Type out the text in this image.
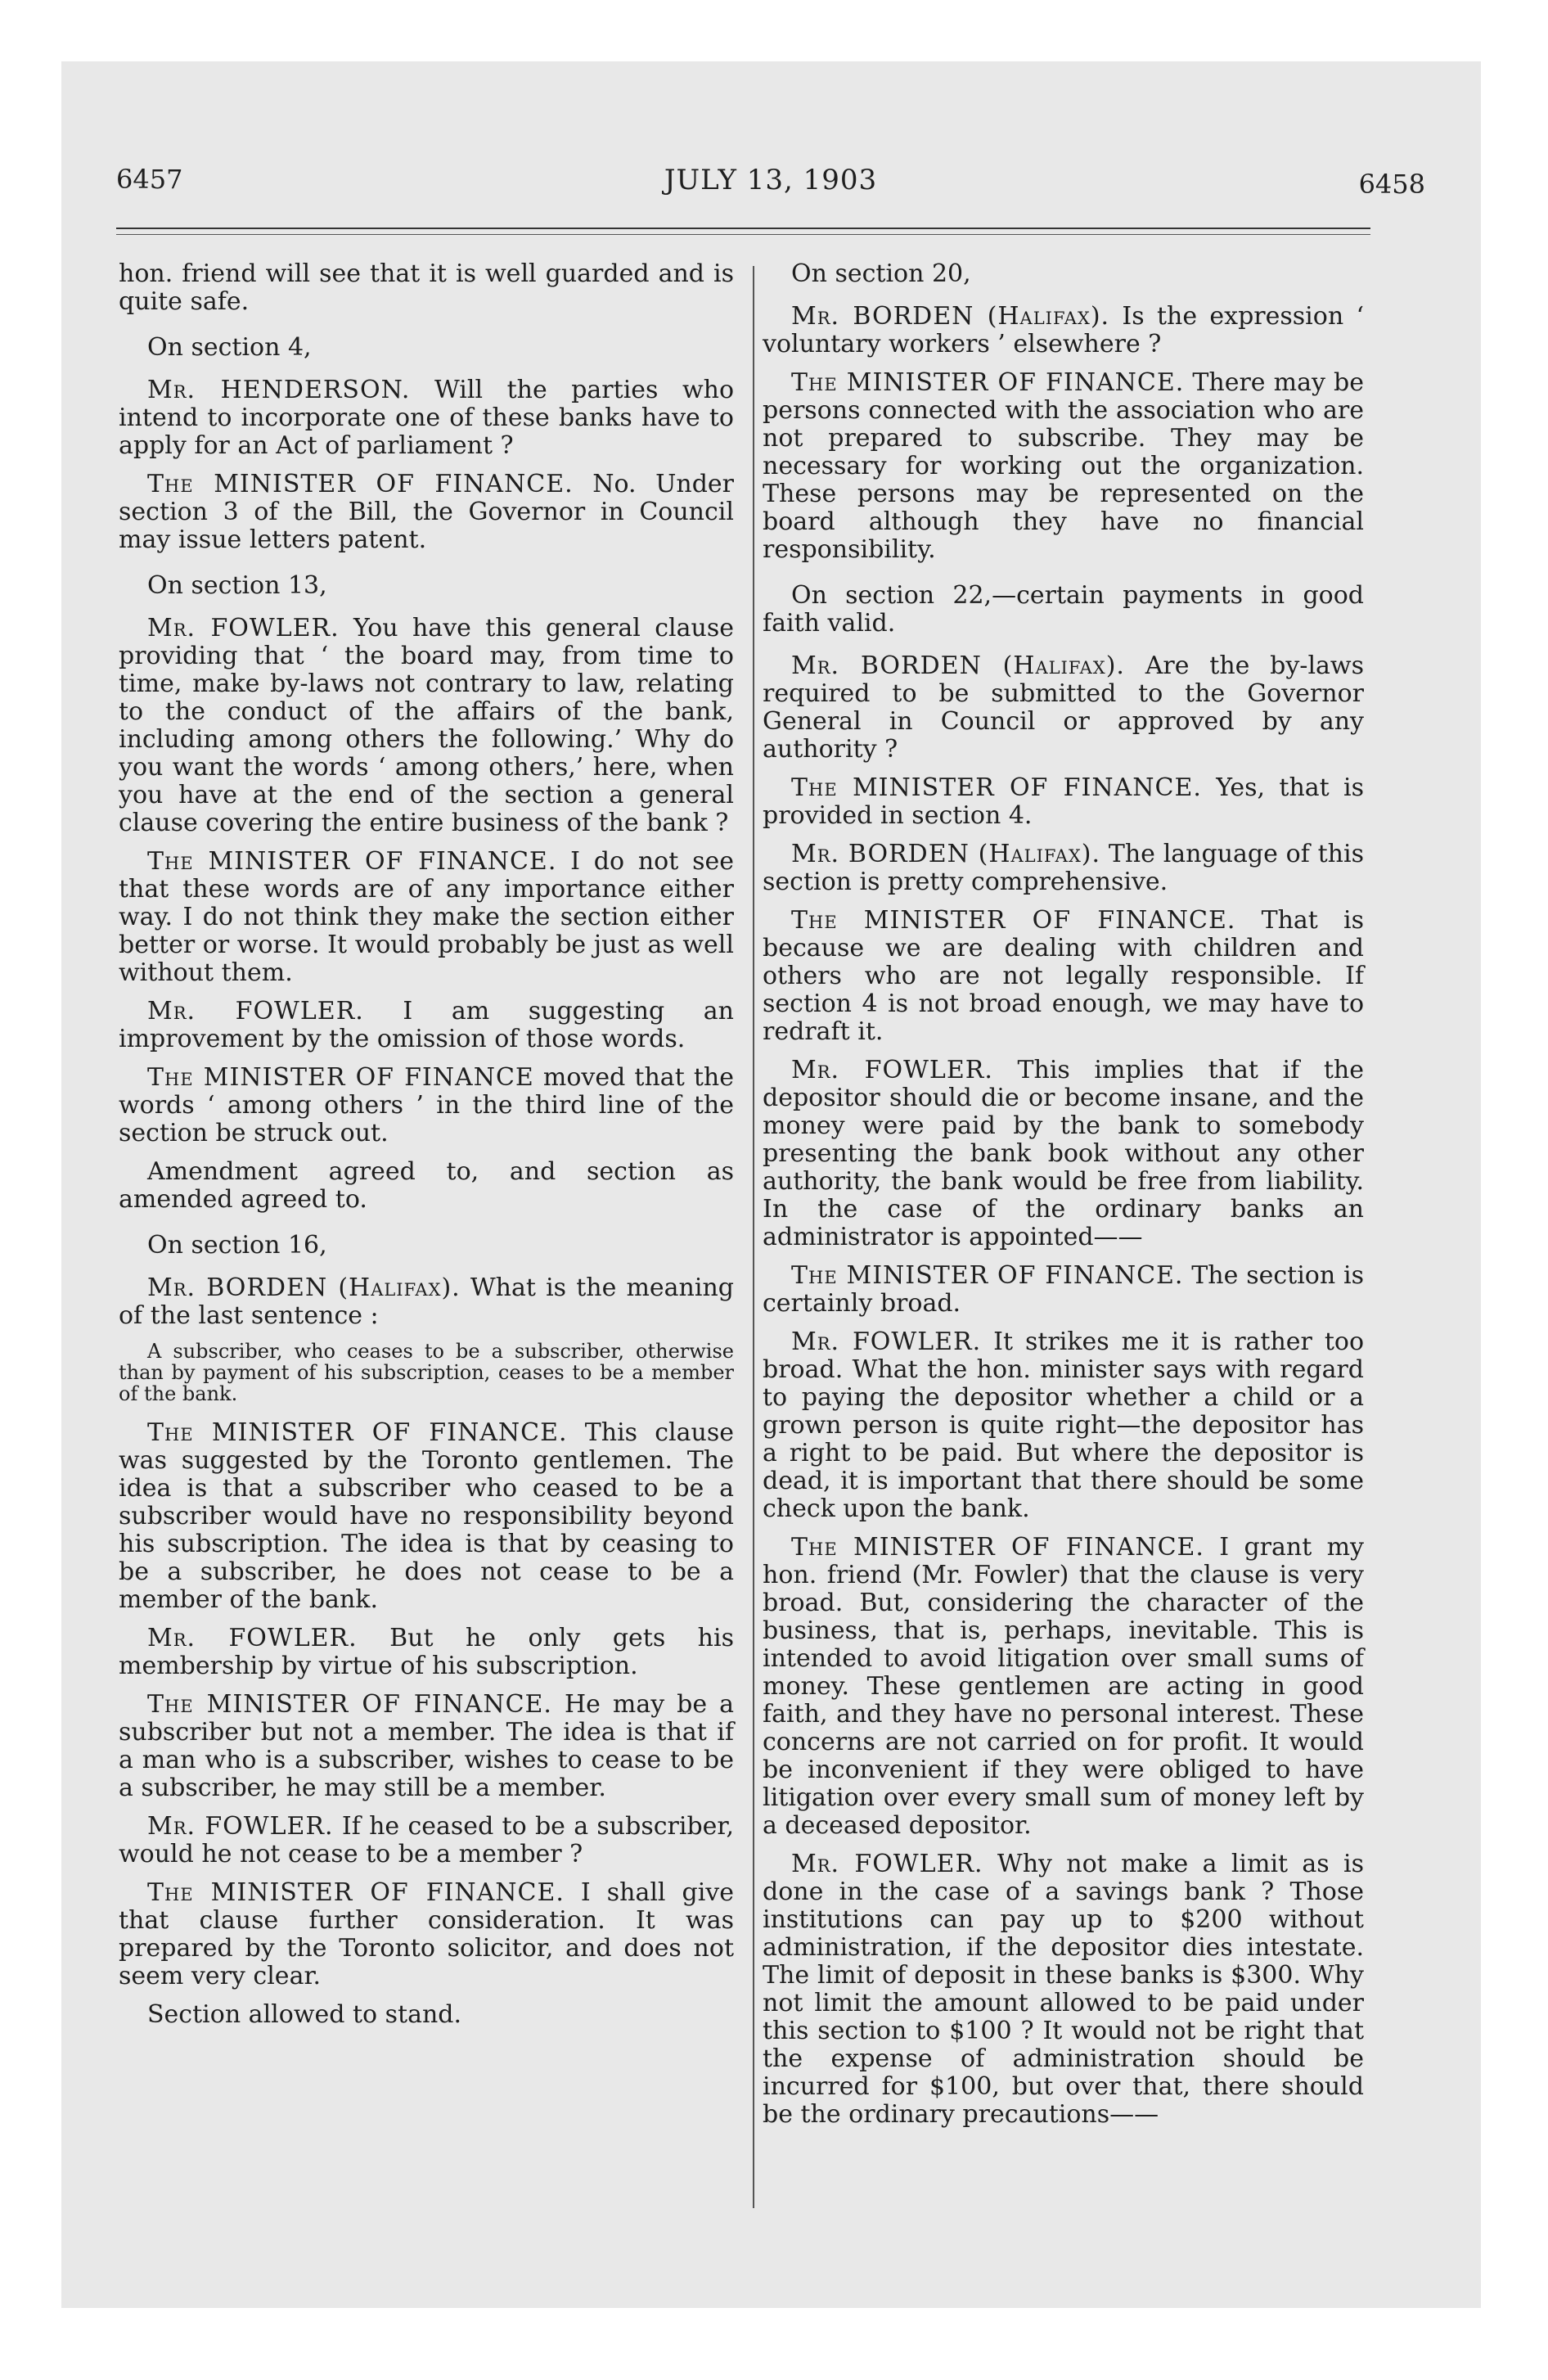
6457	JULY 13, 1903	6458

hon. friend will see that it is well guarded and is quite safe.

On section 4,

Mr. HENDERSON. Will the parties who intend to incorporate one of these banks have to apply for an Act of parliament ?

The MINISTER OF FINANCE. No. Under section 3 of the Bill, the Governor in Council may issue letters patent.

On section 13,

Mr. FOWLER. You have this general clause providing that ‘ the board may, from time to time, make by-laws not contrary to law, relating to the conduct of the affairs of the bank, including among others the following.’ Why do you want the words ‘ among others,’ here, when you have at the end of the section a general clause covering the entire business of the bank ?

The MINISTER OF FINANCE. I do not see that these words are of any importance either way. I do not think they make the section either better or worse. It would probably be just as well without them.

Mr. FOWLER. I am suggesting an improvement by the omission of those words.

The MINISTER OF FINANCE moved that the words ‘ among others ’ in the third line of the section be struck out.

Amendment agreed to, and section as amended agreed to.

On section 16,

Mr. BORDEN (Halifax). What is the meaning of the last sentence :

A subscriber, who ceases to be a subscriber, otherwise than by payment of his subscription, ceases to be a member of the bank.

The MINISTER OF FINANCE. This clause was suggested by the Toronto gentlemen. The idea is that a subscriber who ceased to be a subscriber would have no responsibility beyond his subscription. The idea is that by ceasing to be a subscriber, he does not cease to be a member of the bank.

Mr. FOWLER. But he only gets his membership by virtue of his subscription.

The MINISTER OF FINANCE. He may be a subscriber but not a member. The idea is that if a man who is a subscriber, wishes to cease to be a subscriber, he may still be a member.

Mr. FOWLER. If he ceased to be a subscriber, would he not cease to be a member ?

The MINISTER OF FINANCE. I shall give that clause further consideration. It was prepared by the Toronto solicitor, and does not seem very clear.

Section allowed to stand.

On section 20,

Mr. BORDEN (Halifax). Is the expression ‘ voluntary workers ’ elsewhere ?

The MINISTER OF FINANCE. There may be persons connected with the association who are not prepared to subscribe. They may be necessary for working out the organization. These persons may be represented on the board although they have no financial responsibility.

On section 22,—certain payments in good faith valid.

Mr. BORDEN (Halifax). Are the by-laws required to be submitted to the Governor General in Council or approved by any authority ?

The MINISTER OF FINANCE. Yes, that is provided in section 4.

Mr. BORDEN (Halifax). The language of this section is pretty comprehensive.

The MINISTER OF FINANCE. That is because we are dealing with children and others who are not legally responsible. If section 4 is not broad enough, we may have to redraft it.

Mr. FOWLER. This implies that if the depositor should die or become insane, and the money were paid by the bank to somebody presenting the bank book without any other authority, the bank would be free from liability. In the case of the ordinary banks an administrator is appointed——

The MINISTER OF FINANCE. The section is certainly broad.

Mr. FOWLER. It strikes me it is rather too broad. What the hon. minister says with regard to paying the depositor whether a child or a grown person is quite right—the depositor has a right to be paid. But where the depositor is dead, it is important that there should be some check upon the bank.

The MINISTER OF FINANCE. I grant my hon. friend (Mr. Fowler) that the clause is very broad. But, considering the character of the business, that is, perhaps, inevitable. This is intended to avoid litigation over small sums of money. These gentlemen are acting in good faith, and they have no personal interest. These concerns are not carried on for profit. It would be inconvenient if they were obliged to have litigation over every small sum of money left by a deceased depositor.

Mr. FOWLER. Why not make a limit as is done in the case of a savings bank ? Those institutions can pay up to $200 without administration, if the depositor dies intestate. The limit of deposit in these banks is $300. Why not limit the amount allowed to be paid under this section to $100 ? It would not be right that the expense of administration should be incurred for $100, but over that, there should be the ordinary precautions——
